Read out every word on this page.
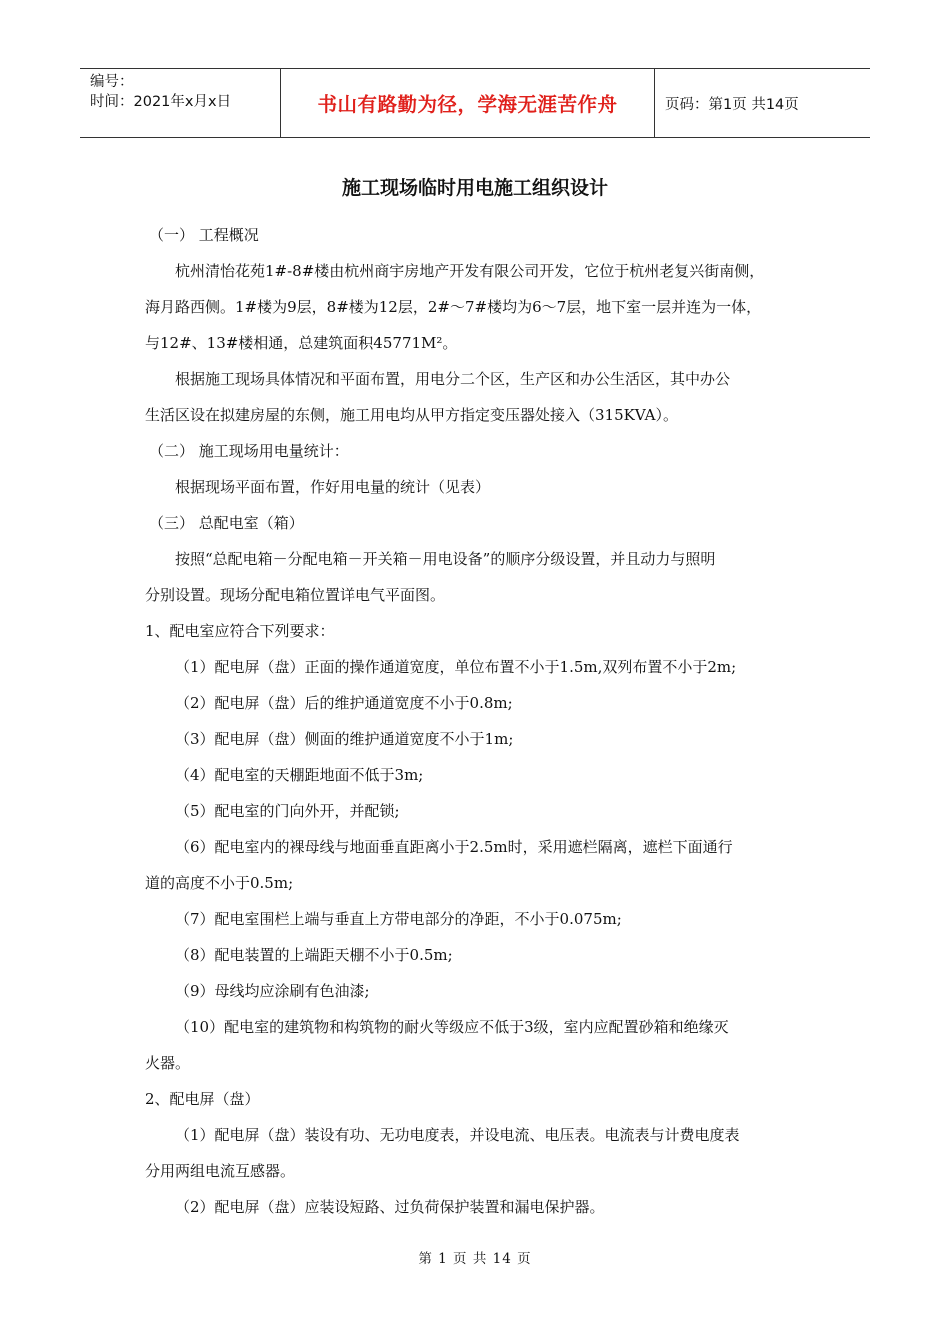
编号：
时间：2021年x月x日	书山有路勤为径，学海无涯苦作舟	页码：第1页 共14页
施工现场临时用电施工组织设计
（一） 工程概况
杭州清怡花苑1#-8#楼由杭州商宇房地产开发有限公司开发，它位于杭州老复兴街南侧，
海月路西侧。1#楼为9层，8#楼为12层，2#～7#楼均为6～7层，地下室一层并连为一体，
与12#、13#楼相通，总建筑面积45771M²。
根据施工现场具体情况和平面布置，用电分二个区，生产区和办公生活区，其中办公
生活区设在拟建房屋的东侧，施工用电均从甲方指定变压器处接入（315KVA）。
（二） 施工现场用电量统计：
根据现场平面布置，作好用电量的统计（见表）
（三） 总配电室（箱）
按照“总配电箱－分配电箱－开关箱－用电设备”的顺序分级设置，并且动力与照明
分别设置。现场分配电箱位置详电气平面图。
1、配电室应符合下列要求：
（1）配电屏（盘）正面的操作通道宽度，单位布置不小于1.5m,双列布置不小于2m;
（2）配电屏（盘）后的维护通道宽度不小于0.8m;
（3）配电屏（盘）侧面的维护通道宽度不小于1m;
（4）配电室的天棚距地面不低于3m;
（5）配电室的门向外开，并配锁;
（6）配电室内的裸母线与地面垂直距离小于2.5m时，采用遮栏隔离，遮栏下面通行
道的高度不小于0.5m;
（7）配电室围栏上端与垂直上方带电部分的净距，不小于0.075m;
（8）配电装置的上端距天棚不小于0.5m;
（9）母线均应涂刷有色油漆;
（10）配电室的建筑物和构筑物的耐火等级应不低于3级，室内应配置砂箱和绝缘灭
火器。
2、配电屏（盘）
（1）配电屏（盘）装设有功、无功电度表，并设电流、电压表。电流表与计费电度表
分用两组电流互感器。
（2）配电屏（盘）应装设短路、过负荷保护装置和漏电保护器。
第 1 页 共 14 页
